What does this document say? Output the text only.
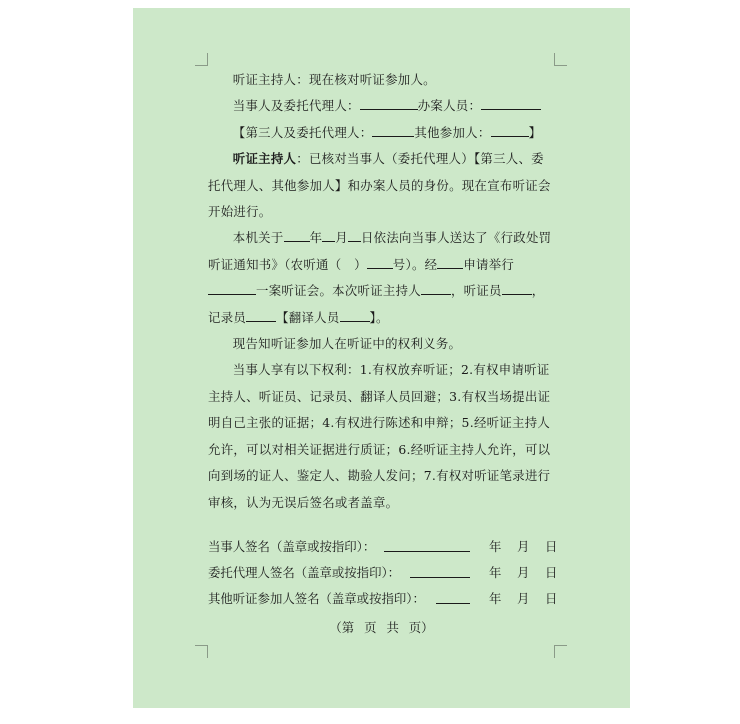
听证主持人：现在核对听证参加人。

当事人及委托代理人：	办案人员：

【第三人及委托代理人：	其他参加人：	】

听证主持人：已核对当事人（委托代理人）【第三人、委托代理人、其他参加人】和办案人员的身份。现在宣布听证会开始进行。

本机关于 年 月 日依法向当事人送达了《行政处罚听证通知书》（农听通（　） 号）。经 申请举行一案听证会。本次听证主持人 ，听证员 ，记录员 【翻译人员 】。

现告知听证参加人在听证中的权利义务。

当事人享有以下权利：1.有权放弃听证；2.有权申请听证主持人、听证员、记录员、翻译人员回避；3.有权当场提出证明自己主张的证据；4.有权进行陈述和申辩；5.经听证主持人允许，可以对相关证据进行质证；6.经听证主持人允许，可以向到场的证人、鉴定人、勘验人发问；7.有权对听证笔录进行审核，认为无误后签名或者盖章。

当事人签名（盖章或按指印）：	年 月 日
委托代理人签名（盖章或按指印）：	年 月 日
其他听证参加人签名（盖章或按指印）：	年 月 日
（第 页 共 页）
